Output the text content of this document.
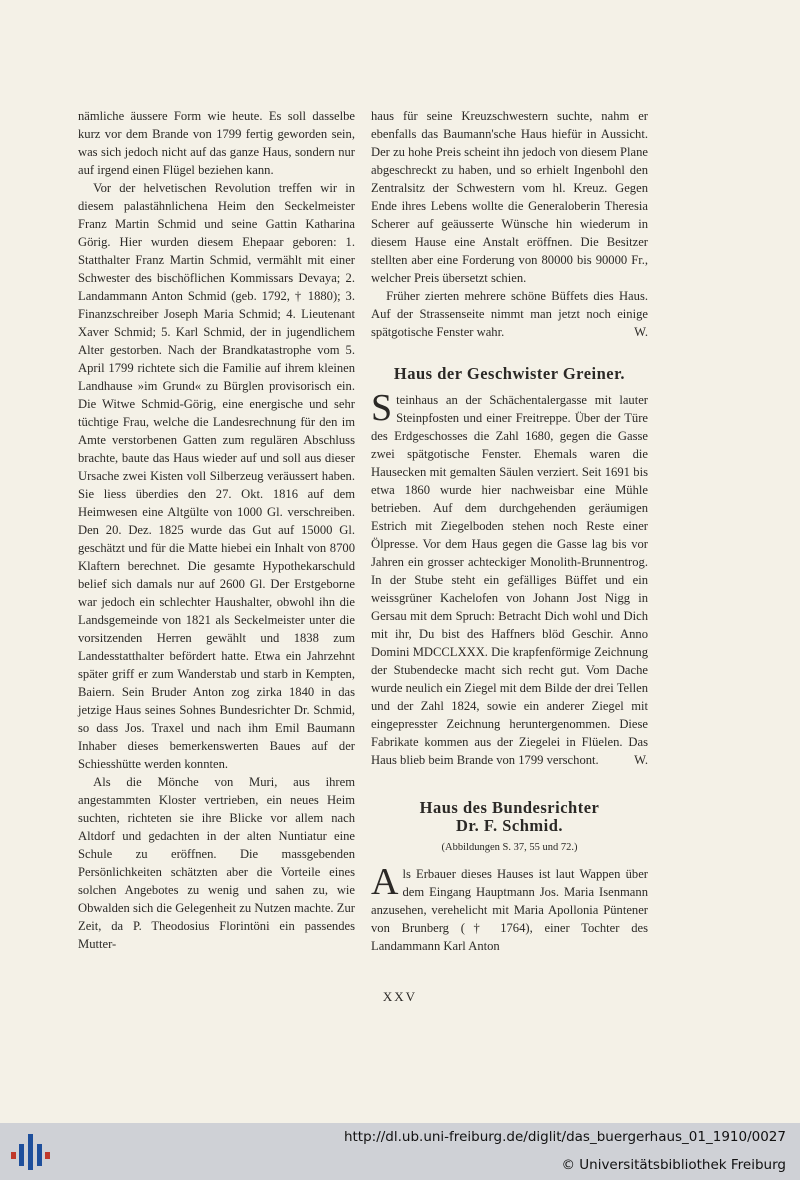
nämliche äussere Form wie heute. Es soll dasselbe kurz vor dem Brande von 1799 fertig geworden sein, was sich jedoch nicht auf das ganze Haus, sondern nur auf irgend einen Flügel beziehen kann.

Vor der helvetischen Revolution treffen wir in diesem palastähnlichena Heim den Seckelmeister Franz Martin Schmid und seine Gattin Katharina Görig. Hier wurden diesem Ehepaar geboren: 1. Statthalter Franz Martin Schmid, vermählt mit einer Schwester des bischöflichen Kommissars Devaya; 2. Landammann Anton Schmid (geb. 1792, † 1880); 3. Finanzschreiber Joseph Maria Schmid; 4. Lieutenant Xaver Schmid; 5. Karl Schmid, der in jugendlichem Alter gestorben. Nach der Brandkatastrophe vom 5. April 1799 richtete sich die Familie auf ihrem kleinen Landhause »im Grund« zu Bürglen provisorisch ein. Die Witwe Schmid-Görig, eine energische und sehr tüchtige Frau, welche die Landesrechnung für den im Amte verstorbenen Gatten zum regulären Abschluss brachte, baute das Haus wieder auf und soll aus dieser Ursache zwei Kisten voll Silberzeug veräussert haben. Sie liess überdies den 27. Okt. 1816 auf dem Heimwesen eine Altgülte von 1000 Gl. verschreiben. Den 20. Dez. 1825 wurde das Gut auf 15000 Gl. geschätzt und für die Matte hiebei ein Inhalt von 8700 Klaftern berechnet. Die gesamte Hypothekarschuld belief sich damals nur auf 2600 Gl. Der Erstgeborne war jedoch ein schlechter Haushalter, obwohl ihn die Landsgemeinde von 1821 als Seckelmeister unter die vorsitzenden Herren gewählt und 1838 zum Landesstatthalter befördert hatte. Etwa ein Jahrzehnt später griff er zum Wanderstab und starb in Kempten, Baiern. Sein Bruder Anton zog zirka 1840 in das jetzige Haus seines Sohnes Bundesrichter Dr. Schmid, so dass Jos. Traxel und nach ihm Emil Baumann Inhaber dieses bemerkenswerten Baues auf der Schiesshütte werden konnten.

Als die Mönche von Muri, aus ihrem angestammten Kloster vertrieben, ein neues Heim suchten, richteten sie ihre Blicke vor allem nach Altdorf und gedachten in der alten Nuntiatur eine Schule zu eröffnen. Die massgebenden Persönlichkeiten schätzten aber die Vorteile eines solchen Angebotes zu wenig und sahen zu, wie Obwalden sich die Gelegenheit zu Nutzen machte. Zur Zeit, da P. Theodosius Florintöni ein passendes Mutter-

haus für seine Kreuzschwestern suchte, nahm er ebenfalls das Baumann'sche Haus hiefür in Aussicht. Der zu hohe Preis scheint ihn jedoch von diesem Plane abgeschreckt zu haben, und so erhielt Ingenbohl den Zentralsitz der Schwestern vom hl. Kreuz. Gegen Ende ihres Lebens wollte die Generaloberin Theresia Scherer auf geäusserte Wünsche hin wiederum in diesem Hause eine Anstalt eröffnen. Die Besitzer stellten aber eine Forderung von 80000 bis 90000 Fr., welcher Preis übersetzt schien.

Früher zierten mehrere schöne Büffets dies Haus. Auf der Strassenseite nimmt man jetzt noch einige spätgotische Fenster wahr.	W.

Haus der Geschwister Greiner.

S teinhaus an der Schächentalergasse mit lauter Steinpfosten und einer Freitreppe. Über der Türe des Erdgeschosses die Zahl 1680, gegen die Gasse zwei spätgotische Fenster. Ehemals waren die Hausecken mit gemalten Säulen verziert. Seit 1691 bis etwa 1860 wurde hier nachweisbar eine Mühle betrieben. Auf dem durchgehenden geräumigen Estrich mit Ziegelboden stehen noch Reste einer Ölpresse. Vor dem Haus gegen die Gasse lag bis vor Jahren ein grosser achteckiger Monolith-Brunnentrog. In der Stube steht ein gefälliges Büffet und ein weissgrüner Kachelofen von Johann Jost Nigg in Gersau mit dem Spruch: Betracht Dich wohl und Dich mit ihr, Du bist des Haffners blöd Geschir. Anno Domini MDCCLXXX. Die krapfenförmige Zeichnung der Stubendecke macht sich recht gut. Vom Dache wurde neulich ein Ziegel mit dem Bilde der drei Tellen und der Zahl 1824, sowie ein anderer Ziegel mit eingepresster Zeichnung heruntergenommen. Diese Fabrikate kommen aus der Ziegelei in Flüelen. Das Haus blieb beim Brande von 1799 verschont.	W.

Haus des Bundesrichter
Dr. F. Schmid.
(Abbildungen S. 37, 55 und 72.)

A ls Erbauer dieses Hauses ist laut Wappen über dem Eingang Hauptmann Jos. Maria Isenmann anzusehen, verehelicht mit Maria Apollonia Püntener von Brunberg († 1764), einer Tochter des Landammann Karl Anton

XXV
http://dl.ub.uni-freiburg.de/diglit/das_buergerhaus_01_1910/0027
© Universitätsbibliothek Freiburg
